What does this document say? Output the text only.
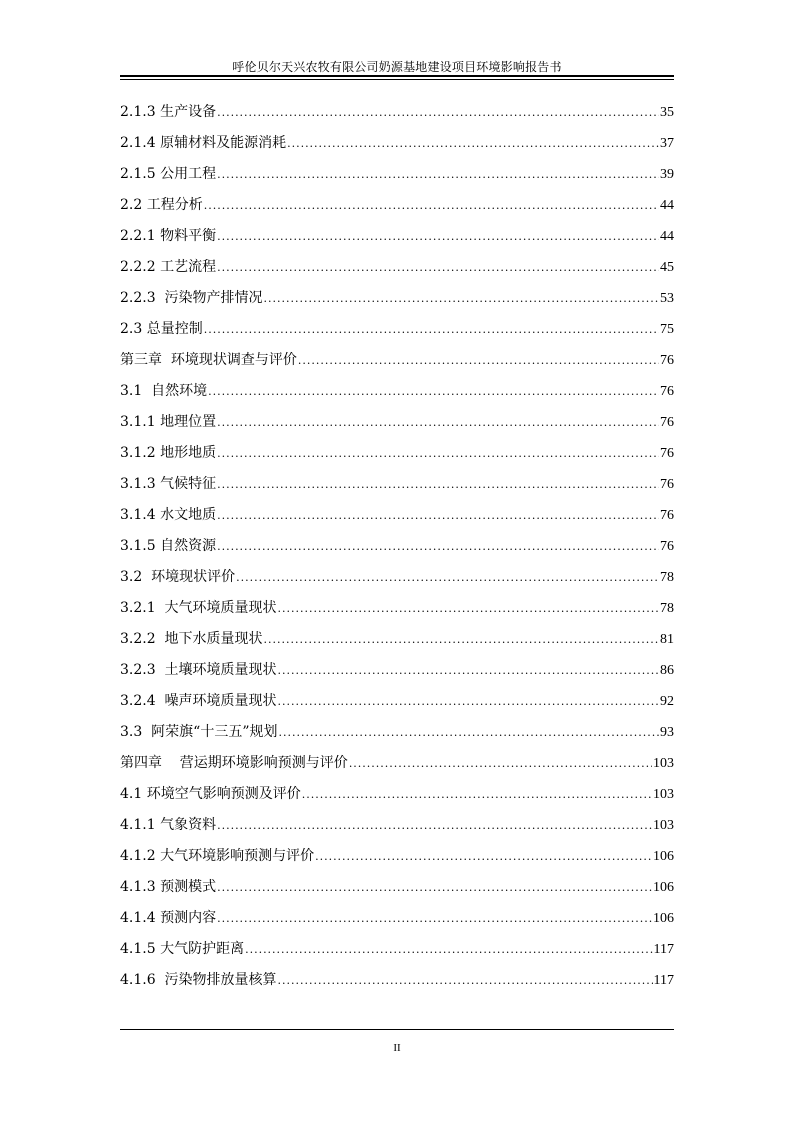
呼伦贝尔天兴农牧有限公司奶源基地建设项目环境影响报告书
2.1.3 生产设备 .....	35
2.1.4 原辅材料及能源消耗 .....	37
2.1.5 公用工程 .....	39
2.2 工程分析 .....	44
2.2.1 物料平衡 .....	44
2.2.2 工艺流程 .....	45
2.2.3  污染物产排情况 .....	53
2.3 总量控制 .....	75
第三章  环境现状调查与评价 .....	76
3.1  自然环境 .....	76
3.1.1 地理位置 .....	76
3.1.2 地形地质 .....	76
3.1.3 气候特征 .....	76
3.1.4 水文地质 .....	76
3.1.5 自然资源 .....	76
3.2  环境现状评价 .....	78
3.2.1  大气环境质量现状 .....	78
3.2.2  地下水质量现状 .....	81
3.2.3  土壤环境质量现状 .....	86
3.2.4  噪声环境质量现状 .....	92
3.3  阿荣旗“十三五”规划 .....	93
第四章    营运期环境影响预测与评价 .....	103
4.1 环境空气影响预测及评价 .....	103
4.1.1 气象资料 .....	103
4.1.2 大气环境影响预测与评价 .....	106
4.1.3 预测模式 .....	106
4.1.4 预测内容 .....	106
4.1.5 大气防护距离 .....	117
4.1.6  污染物排放量核算 .....	117
II
